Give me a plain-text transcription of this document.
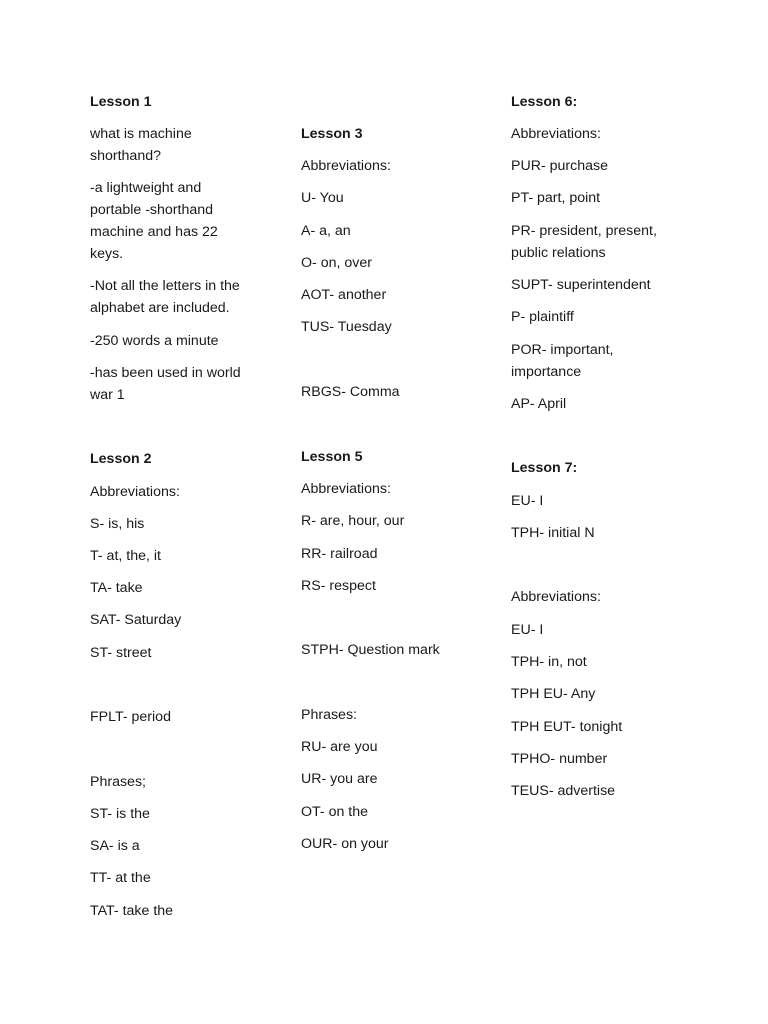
Lesson 1
what is machine
shorthand?
-a lightweight and
portable -shorthand
machine and has 22
keys.
-Not all the letters in the
alphabet are included.
-250 words a minute
-has been used in world
war 1
Lesson 2
Abbreviations:
S- is, his
T- at, the, it
TA- take
SAT- Saturday
ST- street
FPLT- period
Phrases;
ST- is the
SA- is a
TT- at the
TAT- take the
Lesson 3
Abbreviations:
U- You
A- a, an
O- on, over
AOT- another
TUS- Tuesday
RBGS- Comma
Lesson 5
Abbreviations:
R- are, hour, our
RR- railroad
RS- respect
STPH- Question mark
Phrases:
RU- are you
UR- you are
OT- on the
OUR- on your
Lesson 6:
Abbreviations:
PUR- purchase
PT- part, point
PR- president, present,
public relations
SUPT- superintendent
P- plaintiff
POR- important,
importance
AP- April
Lesson 7:
EU- I
TPH- initial N
Abbreviations:
EU- I
TPH- in, not
TPH EU- Any
TPH EUT- tonight
TPHO- number
TEUS- advertise
